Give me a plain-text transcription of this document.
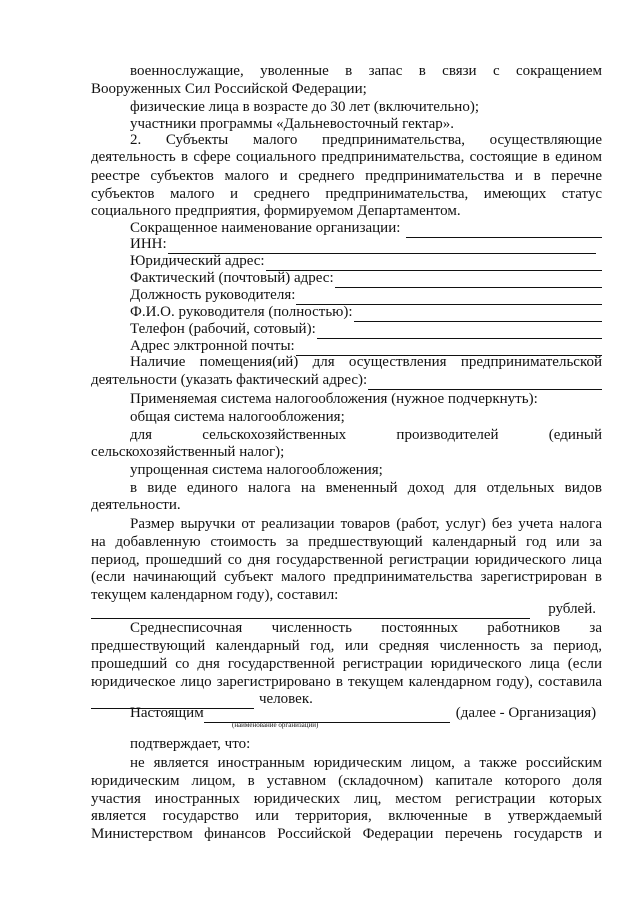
военнослужащие, уволенные в запас в связи с сокращением
Вооруженных Сил Российской Федерации;
физические лица в возрасте до 30 лет (включительно);
участники программы «Дальневосточный гектар».
2. Субъекты малого предпринимательства, осуществляющие
деятельность в сфере социального предпринимательства, состоящие в едином
реестре субъектов малого и среднего предпринимательства и в перечне
субъектов малого и среднего предпринимательства, имеющих статус
социального предприятия, формируемом Департаментом.
Сокращенное наименование организации:
ИНН:
Юридический адрес:
Фактический (почтовый) адрес:
Должность руководителя:
Ф.И.О. руководителя (полностью):
Телефон (рабочий, сотовый):
Адрес элктронной почты:
Наличие помещения(ий) для осуществления предпринимательской
деятельности (указать фактический адрес):
Применяемая система налогообложения (нужное подчеркнуть):
общая система налогообложения;
для сельскохозяйственных производителей (единый
сельскохозяйственный налог);
упрощенная система налогообложения;
в виде единого налога на вмененный доход для отдельных видов
деятельности.
Размер выручки от реализации товаров (работ, услуг) без учета налога
на добавленную стоимость за предшествующий календарный год или за
период, прошедший со дня государственной регистрации юридического лица
(если начинающий субъект малого предпринимательства зарегистрирован в
текущем календарном году), составил:
рублей.
Среднесписочная численность постоянных работников за
предшествующий календарный год, или средняя численность за период,
прошедший со дня государственной регистрации юридического лица (если
юридическое лицо зарегистрировано в текущем календарном году), составила
человек.
Настоящим	(далее - Организация)
(наименование организации)
подтверждает, что:
не является иностранным юридическим лицом, а также российским
юридическим лицом, в уставном (складочном) капитале которого доля
участия иностранных юридических лиц, местом регистрации которых
является государство или территория, включенные в утверждаемый
Министерством финансов Российской Федерации перечень государств и
